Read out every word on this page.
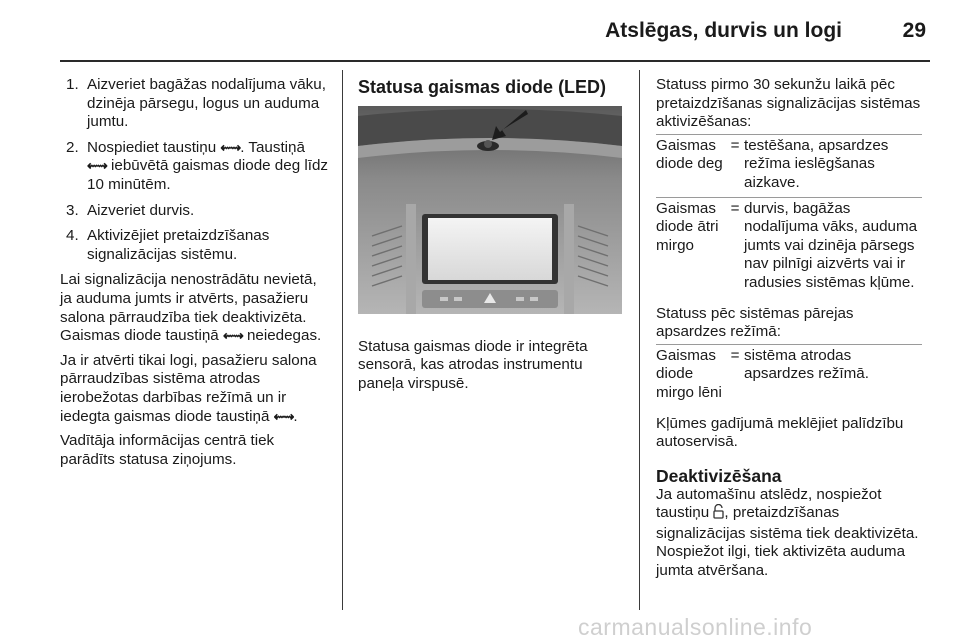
Atslēgas, durvis un logi	29
1. Aizveriet bagāžas nodalījuma vāku, dzinēja pārsegu, logus un auduma jumtu.
2. Nospiediet taustiņu ⇜⇝. Taustiņā ⇜⇝ iebūvētā gaismas diode deg līdz 10 minūtēm.
3. Aizveriet durvis.
4. Aktivizējiet pretaizdzīšanas signalizācijas sistēmu.

Lai signalizācija nenostrādātu nevietā, ja auduma jumts ir atvērts, pasažieru salona pārraudzība tiek deaktivizēta. Gaismas diode taustiņā ⇜⇝ neiedegas.

Ja ir atvērti tikai logi, pasažieru salona pārraudzības sistēma atrodas ierobežotas darbības režīmā un ir iedegta gaismas diode taustiņā ⇜⇝.

Vadītāja informācijas centrā tiek parādīts statusa ziņojums.

Statusa gaismas diode (LED)

Statusa gaismas diode ir integrēta sensorā, kas atrodas instrumentu paneļa virspusē.

Statuss pirmo 30 sekunžu laikā pēc pretaizdzīšanas signalizācijas sistēmas aktivizēšanas:

Gaismas diode deg
= testēšana, apsardzes režīma ieslēgšanas aizkave.
Gaismas diode ātri mirgo
= durvis, bagāžas nodalījuma vāks, auduma jumts vai dzinēja pārsegs nav pilnīgi aizvērts vai ir radusies sistēmas kļūme.

Statuss pēc sistēmas pārejas apsardzes režīmā:

Gaismas diode mirgo lēni
= sistēma atrodas apsardzes režīmā.

Kļūmes gadījumā meklējiet palīdzību autoservisā.

Deaktivizēšana

Ja automašīnu atslēdz, nospiežot taustiņu , pretaizdzīšanas signalizācijas sistēma tiek deaktivizēta. Nospiežot ilgi, tiek aktivizēta auduma jumta atvēršana.

carmanualsonline.info
